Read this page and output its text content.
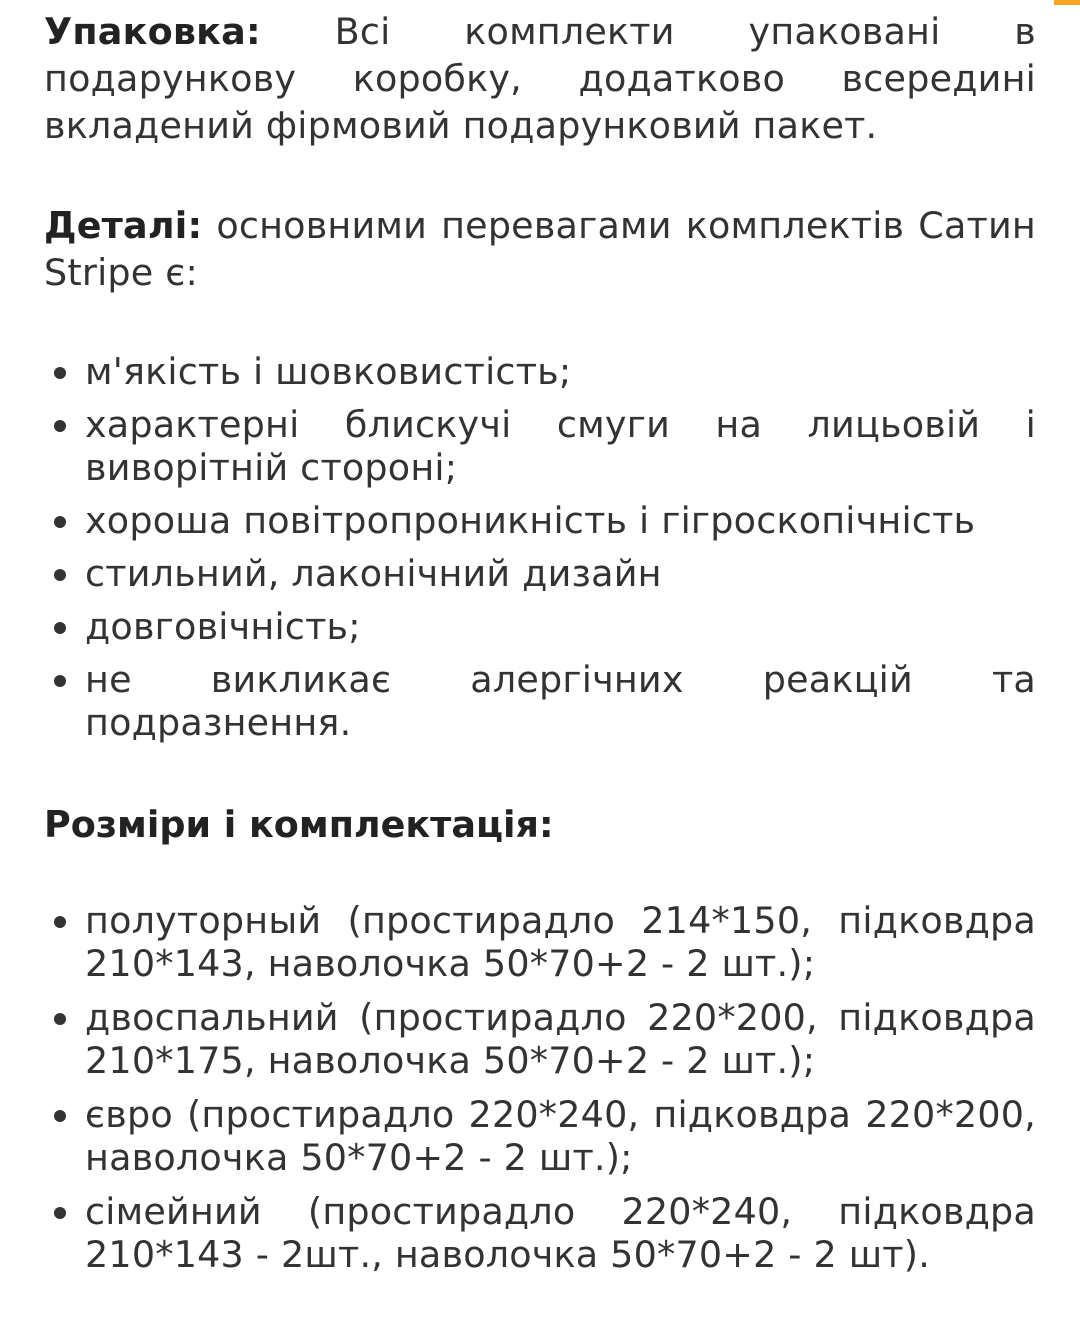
Упаковка: Всі комплекти упаковані в подарункову коробку, додатково всередині вкладений фірмовий подарунковий пакет.

Деталі: основними перевагами комплектів Сатин Stripe є:

м'якість і шовковистість;
характерні блискучі смуги на лицьовій і виворітній стороні;
хороша повітропроникність і гігроскопічність
стильний, лаконічний дизайн
довговічність;
не викликає алергічних реакцій та подразнення.
Розміри і комплектація:
полуторный (простирадло 214*150, підковдра 210*143, наволочка 50*70+2 - 2 шт.);
двоспальний (простирадло 220*200, підковдра 210*175, наволочка 50*70+2 - 2 шт.);
євро (простирадло 220*240, підковдра 220*200, наволочка 50*70+2 - 2 шт.);
сімейний (простирадло 220*240, підковдра 210*143 - 2шт., наволочка 50*70+2 - 2 шт).
